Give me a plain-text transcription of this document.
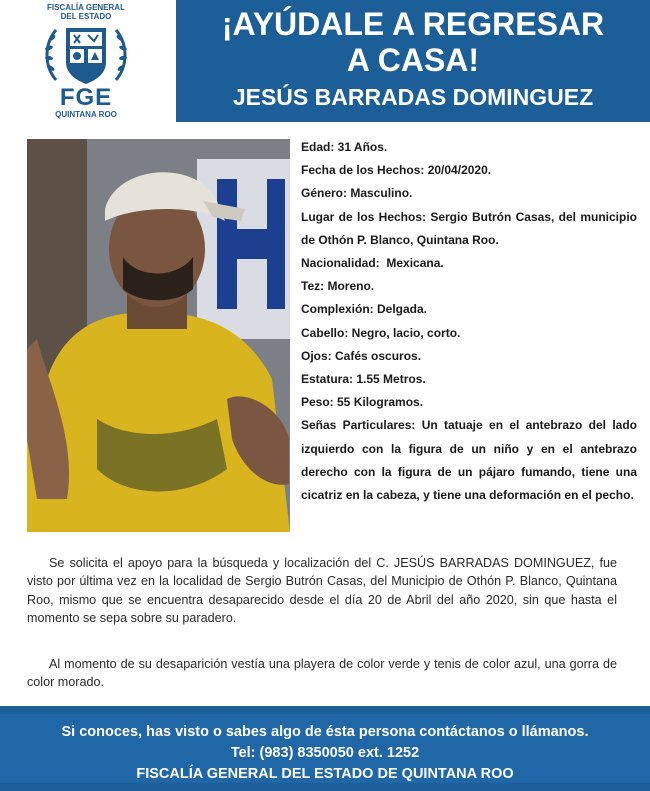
FISCALÍA GENERAL
DEL ESTADO
FGE
QUINTANA ROO
¡AYÚDALE A REGRESAR
A CASA!
JESÚS BARRADAS DOMINGUEZ
Edad: 31 Años.
Fecha de los Hechos: 20/04/2020.
Género: Masculino.
Lugar de los Hechos: Sergio Butrón Casas, del municipio de Othón P. Blanco, Quintana Roo.
Nacionalidad:  Mexicana.
Tez: Moreno.
Complexión: Delgada.
Cabello: Negro, lacio, corto.
Ojos: Cafés oscuros.
Estatura: 1.55 Metros.
Peso: 55 Kilogramos.
Señas Particulares: Un tatuaje en el antebrazo del lado izquierdo con la figura de un niño y en el antebrazo derecho con la figura de un pájaro fumando, tiene una cicatriz en la cabeza, y tiene una deformación en el pecho.

Se solicita el apoyo para la búsqueda y localización del C. JESÚS BARRADAS DOMINGUEZ, fue visto por última vez en la localidad de Sergio Butrón Casas, del Municipio de Othón P. Blanco, Quintana Roo, mismo que se encuentra desaparecido desde el día 20 de Abril del año 2020, sin que hasta el momento se sepa sobre su paradero.

Al momento de su desaparición vestía una playera de color verde y tenis de color azul, una gorra de color morado.

Si conoces, has visto o sabes algo de ésta persona contáctanos o llámanos.
Tel: (983) 8350050 ext. 1252
FISCALÍA GENERAL DEL ESTADO DE QUINTANA ROO
